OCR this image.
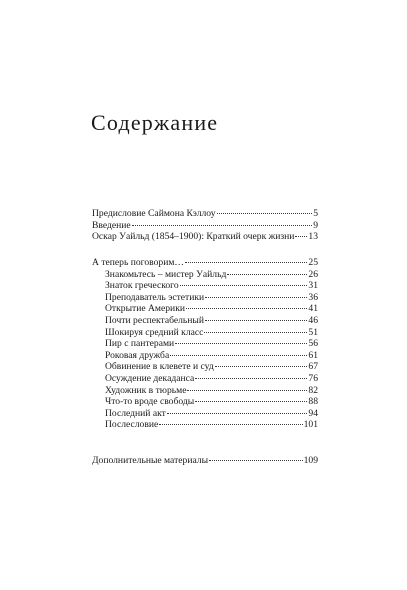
Содержание
Предисловие Саймона Кэллоу	5
Введение	9
Оскар Уайльд (1854–1900): Краткий очерк жизни 13
А теперь поговорим…	25
Знакомьтесь – мистер Уайльд	26
Знаток греческого	31
Преподаватель эстетики	36
Открытие Америки	41
Почти респектабельный	46
Шокируя средний класс	51
Пир с пантерами	56
Роковая дружба	61
Обвинение в клевете и суд	67
Осуждение декаданса	76
Художник в тюрьме	82
Что-то вроде свободы	88
Последний акт	94
Послесловие	101
Дополнительные материалы	109
